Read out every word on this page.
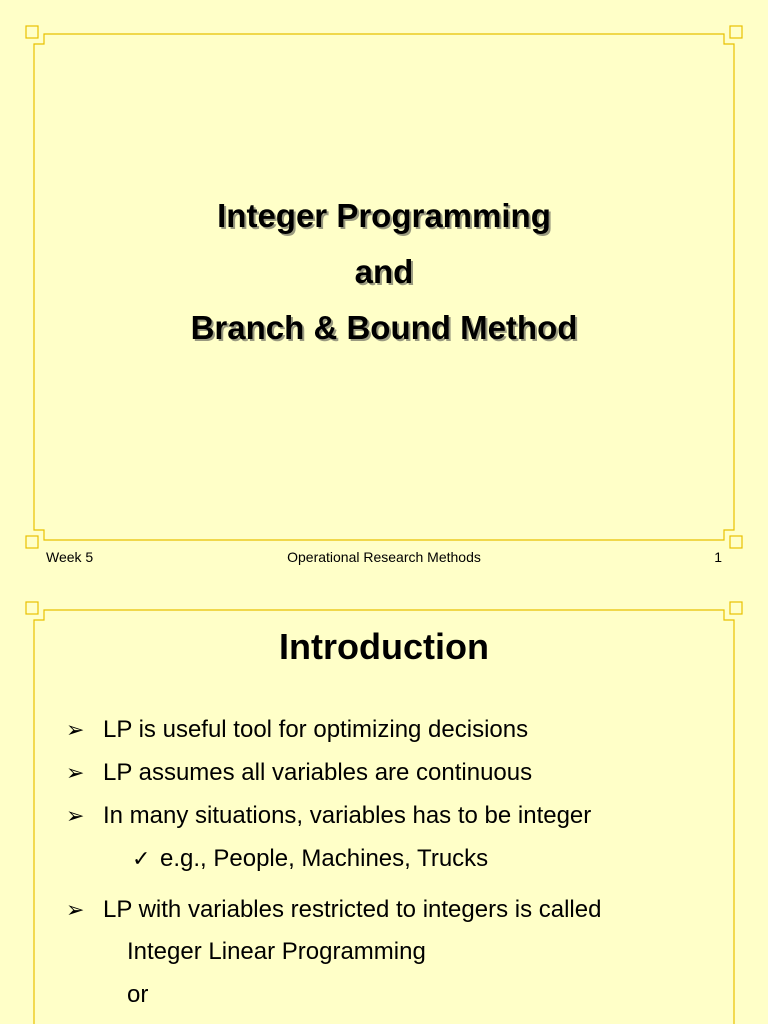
Integer Programming
and
Branch & Bound Method
Week 5	Operational Research Methods	1
Introduction
➢ LP is useful tool for optimizing decisions
➢ LP assumes all variables are continuous
➢ In many situations, variables has to be integer
✓ e.g., People, Machines, Trucks
➢ LP with variables restricted to integers is called
Integer Linear Programming
or
